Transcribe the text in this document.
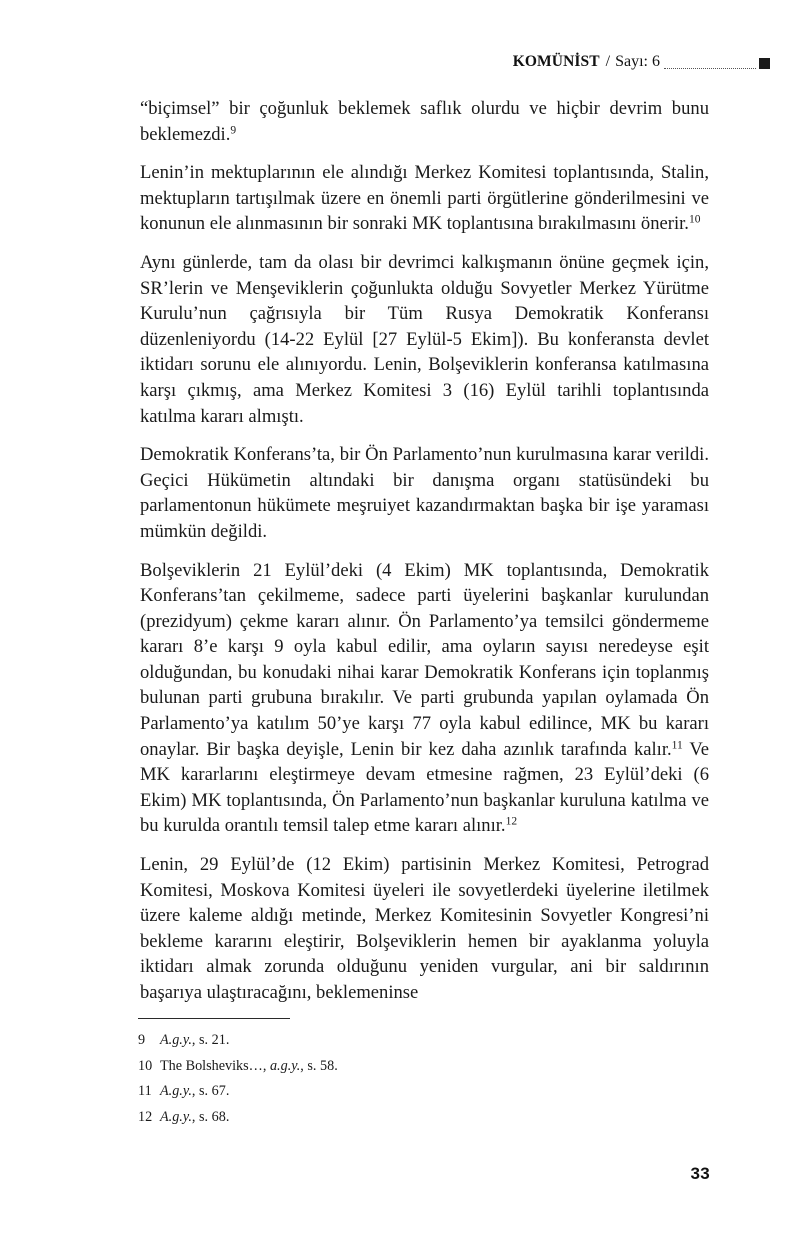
KOMÜNİST / Sayı: 6

“biçimsel” bir çoğunluk beklemek saflık olurdu ve hiçbir devrim bunu beklemezdi.$^9$

Lenin’in mektuplarının ele alındığı Merkez Komitesi toplantısında, Stalin, mektupların tartışılmak üzere en önemli parti örgütlerine gönderilmesini ve konunun ele alınmasının bir sonraki MK toplantısına bırakılmasını önerir.$^{10}$

Aynı günlerde, tam da olası bir devrimci kalkışmanın önüne geçmek için, SR’lerin ve Menşeviklerin çoğunlukta olduğu Sovyetler Merkez Yürütme Kurulu’nun çağrısıyla bir Tüm Rusya Demokratik Konferansı düzenleniyordu (14-22 Eylül [27 Eylül-5 Ekim]). Bu konferansta devlet iktidarı sorunu ele alınıyordu. Lenin, Bolşeviklerin konferansa katılmasına karşı çıkmış, ama Merkez Komitesi 3 (16) Eylül tarihli toplantısında katılma kararı almıştı.

Demokratik Konferans’ta, bir Ön Parlamento’nun kurulmasına karar verildi. Geçici Hükümetin altındaki bir danışma organı statüsündeki bu parlamentonun hükümete meşruiyet kazandırmaktan başka bir işe yaraması mümkün değildi.

Bolşeviklerin 21 Eylül’deki (4 Ekim) MK toplantısında, Demokratik Konferans’tan çekilmeme, sadece parti üyelerini başkanlar kurulundan (prezidyum) çekme kararı alınır. Ön Parlamento’ya temsilci göndermeme kararı 8’e karşı 9 oyla kabul edilir, ama oyların sayısı neredeyse eşit olduğundan, bu konudaki nihai karar Demokratik Konferans için toplanmış bulunan parti grubuna bırakılır. Ve parti grubunda yapılan oylamada Ön Parlamento’ya katılım 50’ye karşı 77 oyla kabul edilince, MK bu kararı onaylar. Bir başka deyişle, Lenin bir kez daha azınlık tarafında kalır.$^{11}$ Ve MK kararlarını eleştirmeye devam etmesine rağmen, 23 Eylül’deki (6 Ekim) MK toplantısında, Ön Parlamento’nun başkanlar kuruluna katılma ve bu kurulda orantılı temsil talep etme kararı alınır.$^{12}$

Lenin, 29 Eylül’de (12 Ekim) partisinin Merkez Komitesi, Petrograd Komitesi, Moskova Komitesi üyeleri ile sovyetlerdeki üyelerine iletilmek üzere kaleme aldığı metinde, Merkez Komitesinin Sovyetler Kongresi’ni bekleme kararını eleştirir, Bolşeviklerin hemen bir ayaklanma yoluyla iktidarı almak zorunda olduğunu yeniden vurgular, ani bir saldırının başarıya ulaştıracağını, beklemeninse

9 A.g.y., s. 21.
10 The Bolsheviks…, a.g.y., s. 58.
11 A.g.y., s. 67.
12 A.g.y., s. 68.
33
